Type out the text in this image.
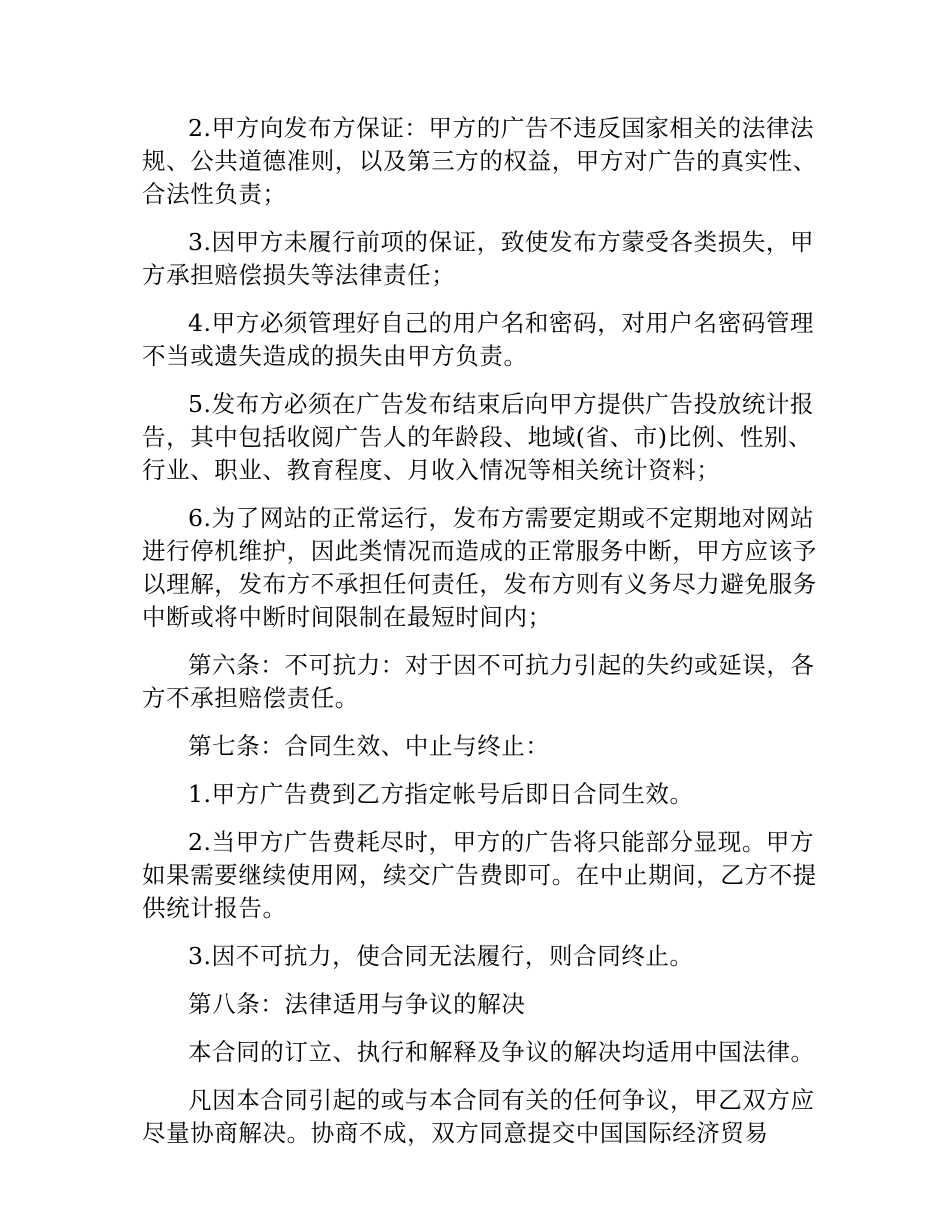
2.甲方向发布方保证：甲方的广告不违反国家相关的法律法规、公共道德准则，以及第三方的权益，甲方对广告的真实性、合法性负责；

3.因甲方未履行前项的保证，致使发布方蒙受各类损失，甲方承担赔偿损失等法律责任；

4.甲方必须管理好自己的用户名和密码，对用户名密码管理不当或遗失造成的损失由甲方负责。

5.发布方必须在广告发布结束后向甲方提供广告投放统计报告，其中包括收阅广告人的年龄段、地域(省、市)比例、性别、行业、职业、教育程度、月收入情况等相关统计资料；

6.为了网站的正常运行，发布方需要定期或不定期地对网站进行停机维护，因此类情况而造成的正常服务中断，甲方应该予以理解，发布方不承担任何责任，发布方则有义务尽力避免服务中断或将中断时间限制在最短时间内；

第六条：不可抗力：对于因不可抗力引起的失约或延误，各方不承担赔偿责任。

第七条：合同生效、中止与终止：

1.甲方广告费到乙方指定帐号后即日合同生效。

2.当甲方广告费耗尽时，甲方的广告将只能部分显现。甲方如果需要继续使用网，续交广告费即可。在中止期间，乙方不提供统计报告。

3.因不可抗力，使合同无法履行，则合同终止。

第八条：法律适用与争议的解决

本合同的订立、执行和解释及争议的解决均适用中国法律。

凡因本合同引起的或与本合同有关的任何争议，甲乙双方应尽量协商解决。协商不成，双方同意提交中国国际经济贸易
